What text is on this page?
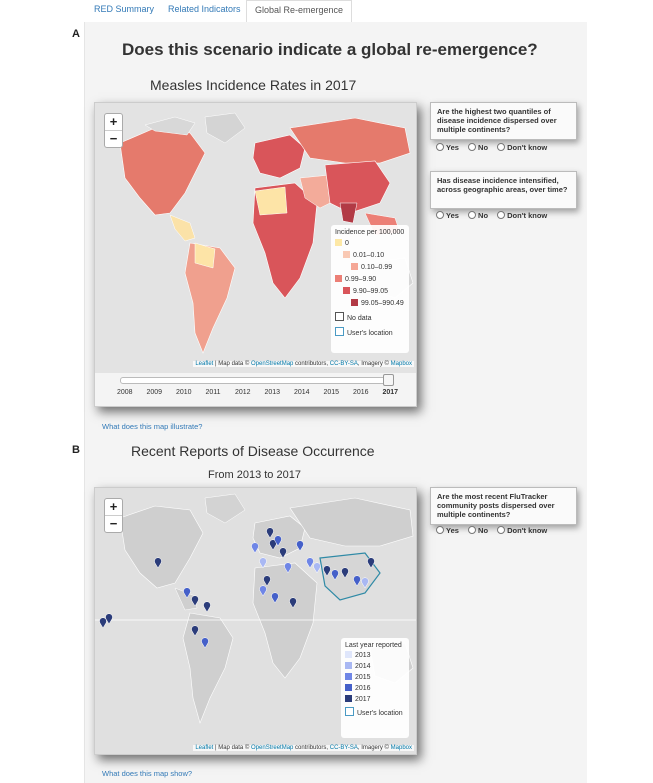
RED Summary Related Indicators	Global Re-emergence
A
Does this scenario indicate a global re-emergence?
Measles Incidence Rates in 2017
+
−
Incidence per 100,000
0
0.01–0.10
0.10–0.99
0.99–9.90
9.90–99.05
99.05–990.49
No data
User's location
Leaflet | Map data © OpenStreetMap contributors, CC-BY-SA, Imagery © Mapbox
2008 2009 2010 2011 2012 2013 2014 2015 2016 2017
What does this map illustrate?
Are the highest two quantiles of disease incidence dispersed over multiple continents?
Yes	No	Don't know
Has disease incidence intensified, across geographic areas, over time?
Yes	No	Don't know
B	Recent Reports of Disease Occurrence
From 2013 to 2017
+
−
Last year reported
2013
2014
2015
2016
2017
User's location
Leaflet | Map data © OpenStreetMap contributors, CC-BY-SA, Imagery © Mapbox
What does this map show?
Are the most recent FluTracker community posts dispersed over multiple continents?
Yes	No	Don't know
